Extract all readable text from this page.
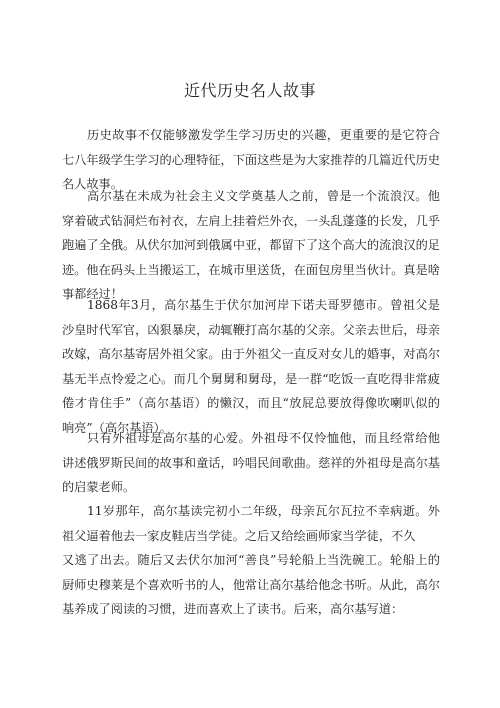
近代历史名人故事

历史故事不仅能够激发学生学习历史的兴趣，更重要的是它符合七八年级学生学习的心理特征，下面这些是为大家推荐的几篇近代历史名人故事。

高尔基在未成为社会主义文学奠基人之前，曾是一个流浪汉。他穿着破式钻洞烂布衬衣，左肩上挂着烂外衣，一头乱蓬蓬的长发，几乎跑遍了全俄。从伏尔加河到俄属中亚，都留下了这个高大的流浪汉的足迹。他在码头上当搬运工，在城市里送货，在面包房里当伙计。真是啥事都经过！

1868年3月，高尔基生于伏尔加河岸下诺夫哥罗德市。曾祖父是沙皇时代军官，凶狠暴戾，动辄鞭打高尔基的父亲。父亲去世后，母亲改嫁，高尔基寄居外祖父家。由于外祖父一直反对女儿的婚事，对高尔基无半点怜爱之心。而几个舅舅和舅母，是一群“吃饭一直吃得非常疲倦才肯住手”（高尔基语）的懒汉，而且“放屁总要放得像吹喇叭似的响亮”（高尔基语）。

只有外祖母是高尔基的心爱。外祖母不仅怜恤他，而且经常给他讲述俄罗斯民间的故事和童话，吟唱民间歌曲。慈祥的外祖母是高尔基的启蒙老师。

11岁那年，高尔基读完初小二年级，母亲瓦尔瓦拉不幸病逝。外祖父逼着他去一家皮鞋店当学徒。之后又给绘画师家当学徒，不久

又逃了出去。随后又去伏尔加河“善良”号轮船上当洗碗工。轮船上的厨师史穆莱是个喜欢听书的人，他常让高尔基给他念书听。从此，高尔基养成了阅读的习惯，进而喜欢上了读书。后来，高尔基写道：
